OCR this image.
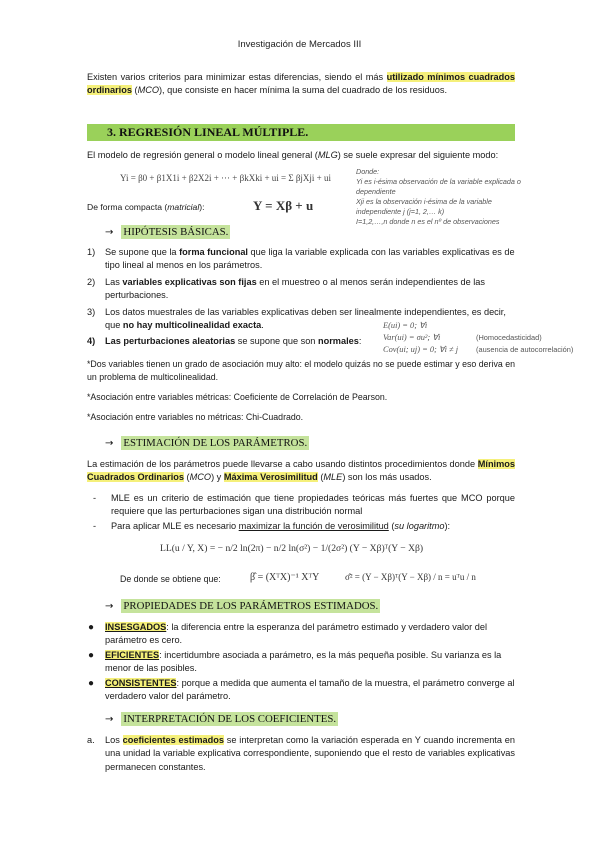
Investigación de Mercados III

Existen varios criterios para minimizar estas diferencias, siendo el más utilizado mínimos cuadrados ordinarios (MCO), que consiste en hacer mínima la suma del cuadrado de los residuos.

3. REGRESIÓN LINEAL MÚLTIPLE.

El modelo de regresión general o modelo lineal general (MLG) se suele expresar del siguiente modo:

Yi = β0 + β1X1i + β2X2i + ··· + βkXki + ui = Σ βjXji + ui
Donde:
Yi es i-ésima observación de la variable explicada o dependiente
Xji es la observación i-ésima de la variable independiente j (j=1, 2,… k)
I=1,2,…,n donde n es el nº de observaciones
De forma compacta (matricial):	Y = Xβ + u
→ HIPÓTESIS BÁSICAS.
1) Se supone que la forma funcional que liga la variable explicada con las variables explicativas es de tipo lineal al menos en los parámetros.
2) Las variables explicativas son fijas en el muestreo o al menos serán independientes de las perturbaciones.
3) Los datos muestrales de las variables explicativas deben ser linealmente independientes, es decir, que no hay multicolinealidad exacta.
4) Las perturbaciones aleatorias se supone que son normales:
E(ui) = 0; ∀i
Var(ui) = σu²; ∀i	(Homocedasticidad)
Cov(ui; uj) = 0; ∀i ≠ j (ausencia de autocorrelación)

*Dos variables tienen un grado de asociación muy alto: el modelo quizás no se puede estimar y eso deriva en un problema de multicolinealidad.

*Asociación entre variables métricas: Coeficiente de Correlación de Pearson.

*Asociación entre variables no métricas: Chi-Cuadrado.

→ ESTIMACIÓN DE LOS PARÁMETROS.

La estimación de los parámetros puede llevarse a cabo usando distintos procedimientos donde Mínimos Cuadrados Ordinarios (MCO) y Máxima Verosimilitud (MLE) son los más usados.

- MLE es un criterio de estimación que tiene propiedades teóricas más fuertes que MCO porque requiere que las perturbaciones sigan una distribución normal
- Para aplicar MLE es necesario maximizar la función de verosimilitud (su logaritmo):
LL(u / Y, X) = − n/2 ln(2π) − n/2 ln(σ²) − 1/(2σ²) (Y − Xβ)ᵀ(Y − Xβ)
De donde se obtiene que:	β̂ = (XᵀX)⁻¹ XᵀY	σ̂² = (Y − Xβ)ᵀ(Y − Xβ) / n = uᵀu / n
→ PROPIEDADES DE LOS PARÁMETROS ESTIMADOS.
● INSESGADOS: la diferencia entre la esperanza del parámetro estimado y verdadero valor del parámetro es cero.
● EFICIENTES: incertidumbre asociada a parámetro, es la más pequeña posible. Su varianza es la menor de las posibles.
● CONSISTENTES: porque a medida que aumenta el tamaño de la muestra, el parámetro converge al verdadero valor del parámetro.
→ INTERPRETACIÓN DE LOS COEFICIENTES.

a. Los coeficientes estimados se interpretan como la variación esperada en Y cuando incrementa en una unidad la variable explicativa correspondiente, suponiendo que el resto de variables explicativas permanecen constantes.
